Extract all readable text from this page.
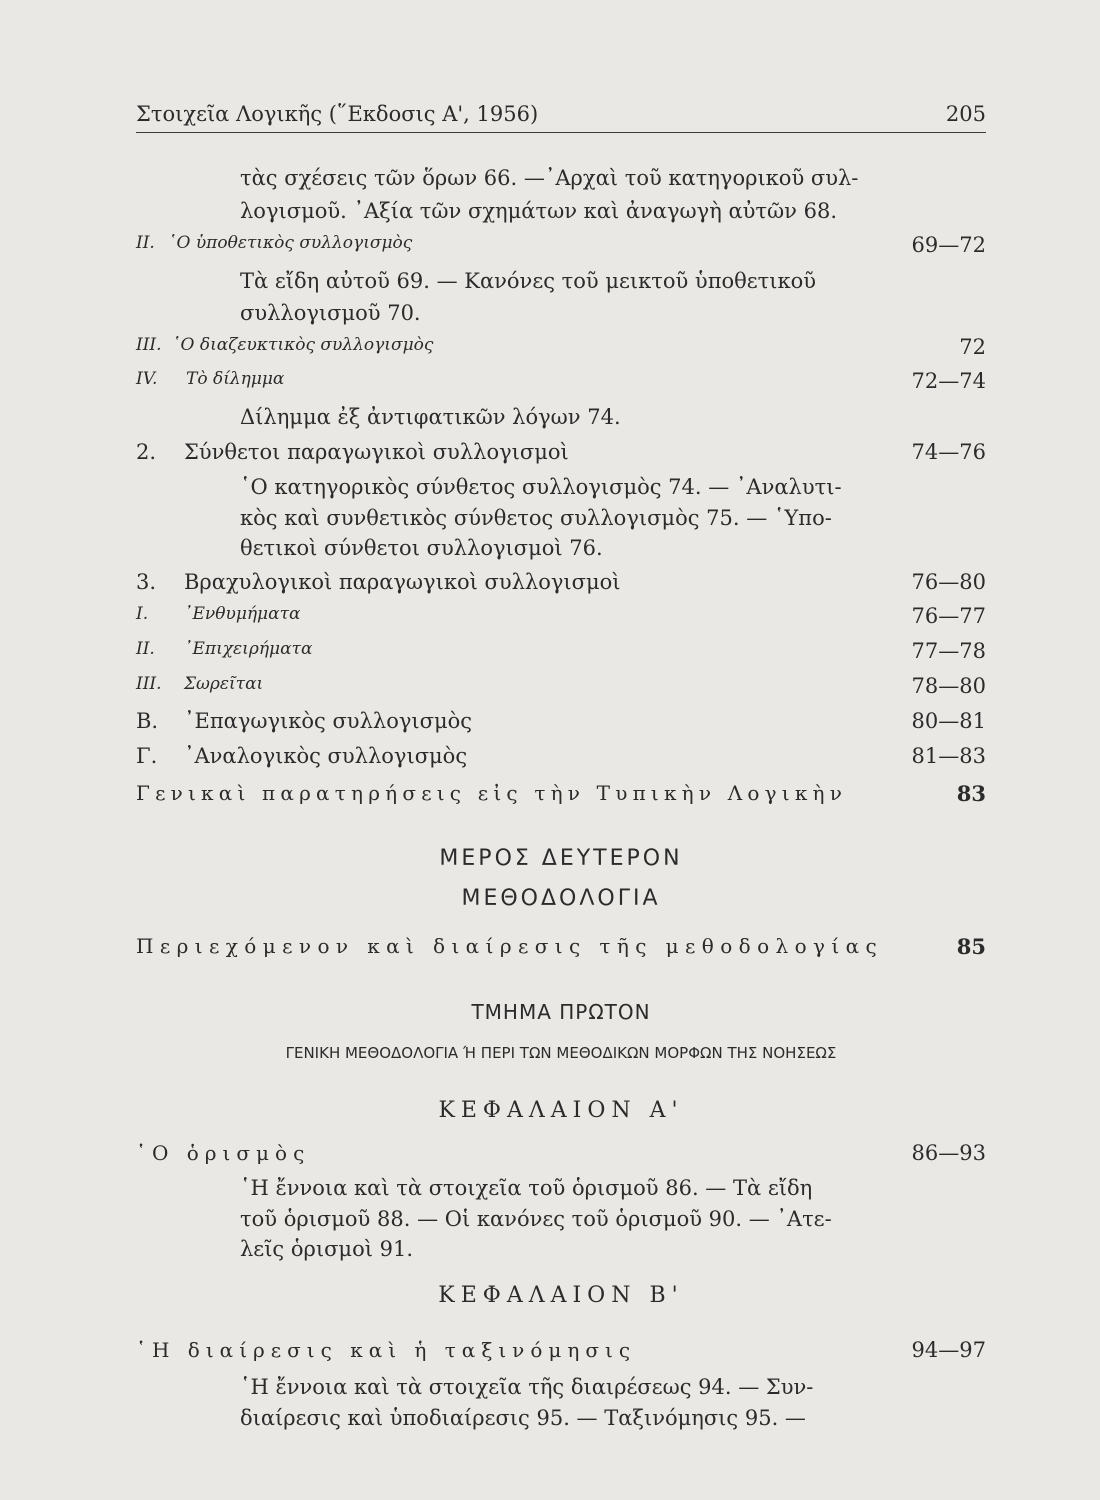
Στοιχεῖα Λογικῆς (῞Εκδοσις Α', 1956)	205
τὰς σχέσεις τῶν ὅρων 66. —᾿Αρχαὶ τοῦ κατηγορικοῦ συλ-
λογισμοῦ. ᾿Αξία τῶν σχημάτων καὶ ἀναγωγὴ αὐτῶν 68.
II. ῾Ο ὑποθετικὸς συλλογισμὸς	69—72
Τὰ εἴδη αὐτοῦ 69. — Κανόνες τοῦ μεικτοῦ ὑποθετικοῦ
συλλογισμοῦ 70.
III. ῾Ο διαζευκτικὸς συλλογισμὸς	72
IV. Τὸ δίλημμα	72—74
Δίλημμα ἐξ ἀντιφατικῶν λόγων 74.
2. Σύνθετοι παραγωγικοὶ συλλογισμοὶ	74—76
῾Ο κατηγορικὸς σύνθετος συλλογισμὸς 74. — ᾿Αναλυτι-
κὸς καὶ συνθετικὸς σύνθετος συλλογισμὸς 75. — ῾Υπο-
θετικοὶ σύνθετοι συλλογισμοὶ 76.
3. Βραχυλογικοὶ παραγωγικοὶ συλλογισμοὶ	76—80
I. ᾿Ενθυμήματα	76—77
II. ᾿Επιχειρήματα	77—78
III. Σωρεῖται	78—80
B. ᾿Επαγωγικὸς συλλογισμὸς	80—81
Γ. ᾿Αναλογικὸς συλλογισμὸς	81—83
Γενικαὶ παρατηρήσεις εἰς τὴν Τυπικὴν Λογικὴν	83
ΜΕΡΟΣ ΔΕΥΤΕΡΟΝ
ΜΕΘΟΔΟΛΟΓΙΑ
Περιεχόμενον καὶ διαίρεσις τῆς μεθοδολογίας	85
ΤΜΗΜΑ ΠΡΩΤΟΝ
ΓΕΝΙΚΗ ΜΕΘΟΔΟΛΟΓΙΑ Ή ΠΕΡΙ ΤΩΝ ΜΕΘΟΔΙΚΩΝ ΜΟΡΦΩΝ ΤΗΣ ΝΟΗΣΕΩΣ
ΚΕΦΑΛΑΙΟΝ Α'
῾Ο ὁρισμὸς	86—93
῾Η ἔννοια καὶ τὰ στοιχεῖα τοῦ ὁρισμοῦ 86. — Τὰ εἴδη
τοῦ ὁρισμοῦ 88. — Οἱ κανόνες τοῦ ὁρισμοῦ 90. — ᾿Ατε-
λεῖς ὁρισμοὶ 91.
ΚΕΦΑΛΑΙΟΝ Β'
῾Η διαίρεσις καὶ ἡ ταξινόμησις	94—97
῾Η ἔννοια καὶ τὰ στοιχεῖα τῆς διαιρέσεως 94. — Συν-
διαίρεσις καὶ ὑποδιαίρεσις 95. — Ταξινόμησις 95. —
